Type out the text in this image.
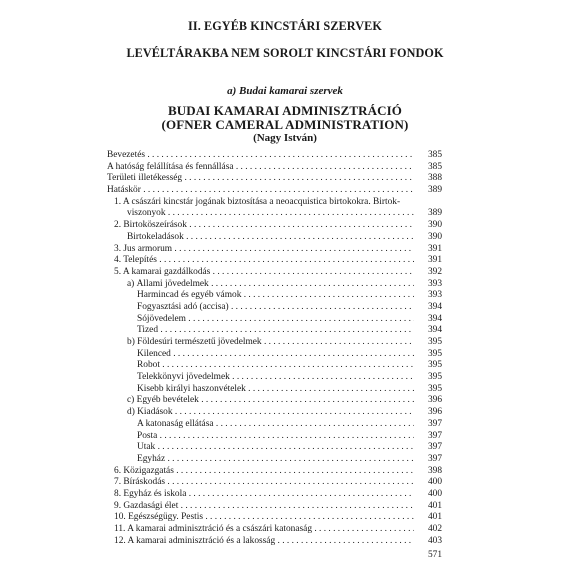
II. EGYÉB KINCSTÁRI SZERVEK
LEVÉLTÁRAKBA NEM SOROLT KINCSTÁRI FONDOK
a) Budai kamarai szervek
BUDAI KAMARAI ADMINISZTRÁCIÓ
(OFNER CAMERAL ADMINISTRATION)
(Nagy István)
Bevezetés . . .	385
A hatóság felállítása és fennállása . . .	385
Területi illetékesség . . .	388
Hatáskör . . .	389
1. A császári kincstár jogának biztosítása a neoacquistica birtokokra. Birtok-
viszonyok . . .	389
2. Birtoköszeírások . . .	390
Birtokeladások . . .	390
3. Jus armorum . . .	391
4. Telepítés . . .	391
5. A kamarai gazdálkodás . . .	392
a) Állami jövedelmek . . .	393
Harmincad és egyéb vámok . . .	393
Fogyasztási adó (accisa) . . .	394
Sójövedelem . . .	394
Tized . . .	394
b) Földesúri természetű jövedelmek . . .	395
Kilenced . . .	395
Robot . . .	395
Telekkönyvi jövedelmek . . .	395
Kisebb királyi haszonvételek . . .	395
c) Egyéb bevételek . . .	396
d) Kiadások . . .	396
A katonaság ellátása . . .	397
Posta . . .	397
Utak . . .	397
Egyház . . .	397
6. Közigazgatás . . .	398
7. Bíráskodás . . .	400
8. Egyház és iskola . . .	400
9. Gazdasági élet . . .	401
10. Egészségügy. Pestis . . .	401
11. A kamarai adminisztráció és a császári katonaság . . .	402
12. A kamarai adminisztráció és a lakosság . . .	403
571
